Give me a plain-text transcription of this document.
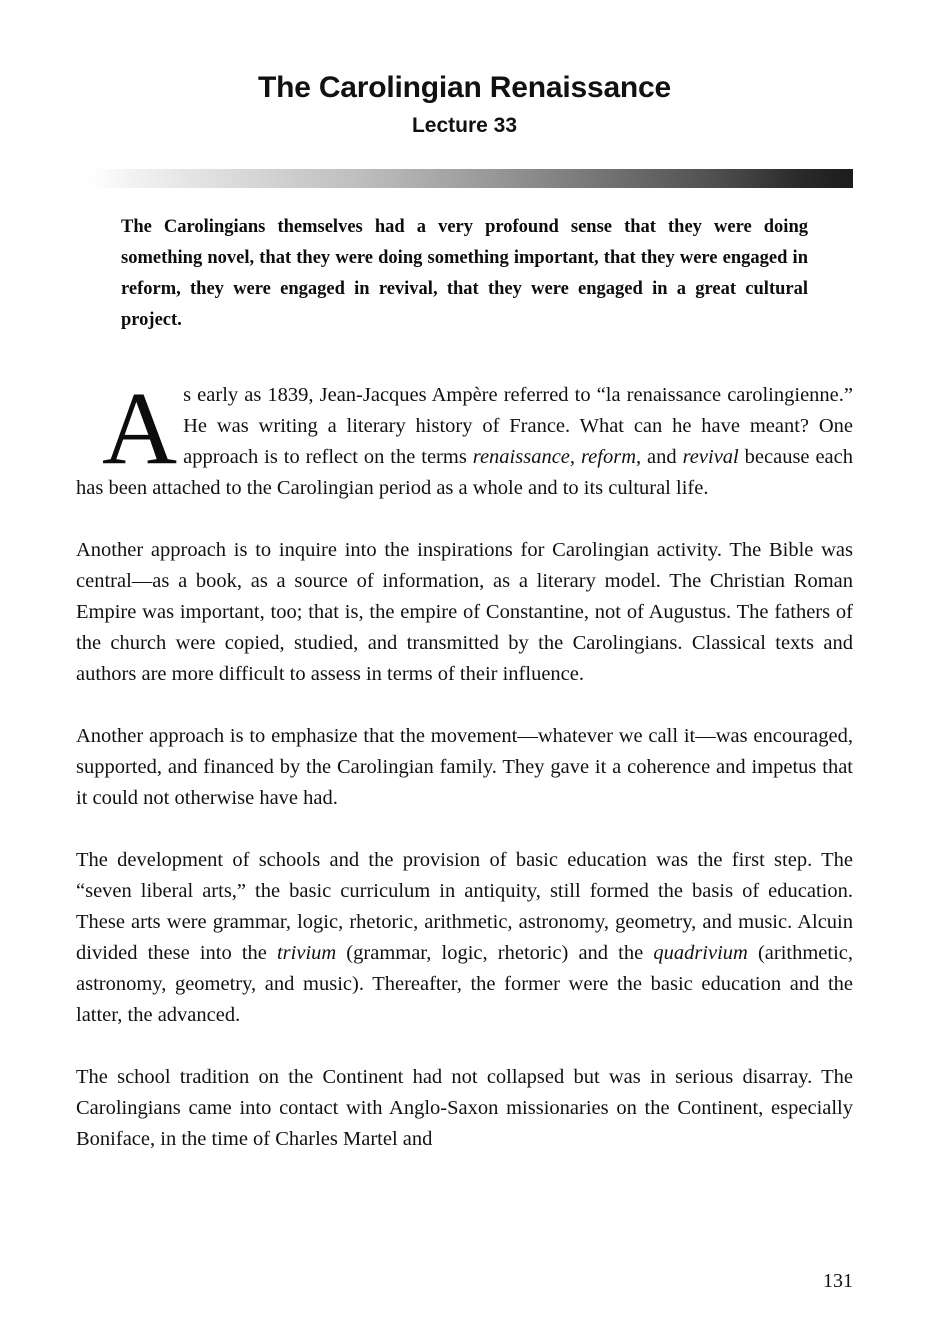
The Carolingian Renaissance
Lecture 33
The Carolingians themselves had a very profound sense that they were doing something novel, that they were doing something important, that they were engaged in reform, they were engaged in revival, that they were engaged in a great cultural project.

As early as 1839, Jean-Jacques Ampère referred to “la renaissance carolingienne.” He was writing a literary history of France. What can he have meant? One approach is to reflect on the terms renaissance, reform, and revival because each has been attached to the Carolingian period as a whole and to its cultural life.

Another approach is to inquire into the inspirations for Carolingian activity. The Bible was central—as a book, as a source of information, as a literary model. The Christian Roman Empire was important, too; that is, the empire of Constantine, not of Augustus. The fathers of the church were copied, studied, and transmitted by the Carolingians. Classical texts and authors are more difficult to assess in terms of their influence.

Another approach is to emphasize that the movement—whatever we call it—was encouraged, supported, and financed by the Carolingian family. They gave it a coherence and impetus that it could not otherwise have had.

The development of schools and the provision of basic education was the first step. The “seven liberal arts,” the basic curriculum in antiquity, still formed the basis of education. These arts were grammar, logic, rhetoric, arithmetic, astronomy, geometry, and music. Alcuin divided these into the trivium (grammar, logic, rhetoric) and the quadrivium (arithmetic, astronomy, geometry, and music). Thereafter, the former were the basic education and the latter, the advanced.

The school tradition on the Continent had not collapsed but was in serious disarray. The Carolingians came into contact with Anglo-Saxon missionaries on the Continent, especially Boniface, in the time of Charles Martel and

131
